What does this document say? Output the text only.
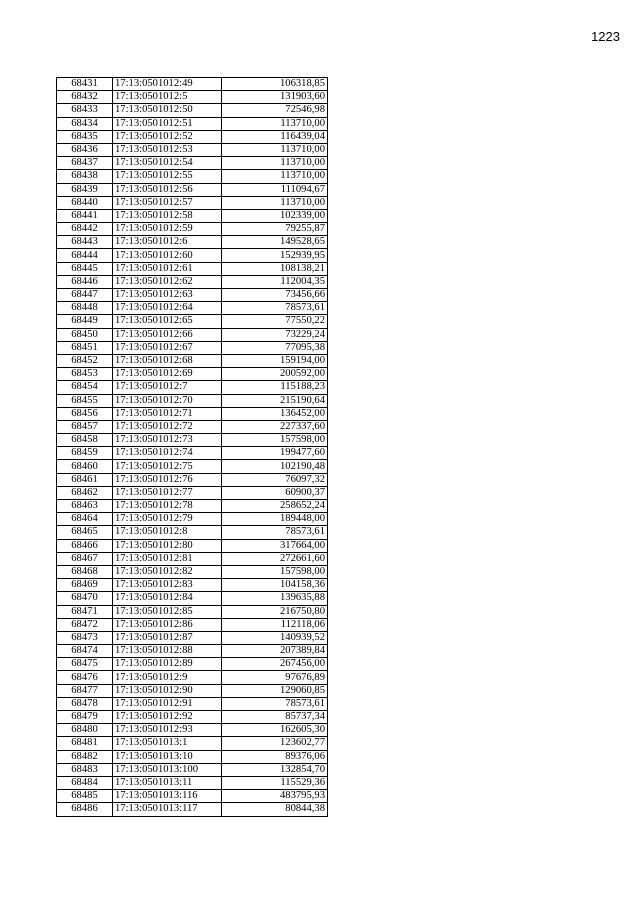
1223
68431	17:13:0501012:49	106318,85
68432	17:13:0501012:5	131903,60
68433	17:13:0501012:50	72546,98
68434	17:13:0501012:51	113710,00
68435	17:13:0501012:52	116439,04
68436	17:13:0501012:53	113710,00
68437	17:13:0501012:54	113710,00
68438	17:13:0501012:55	113710,00
68439	17:13:0501012:56	111094,67
68440	17:13:0501012:57	113710,00
68441	17:13:0501012:58	102339,00
68442	17:13:0501012:59	79255,87
68443	17:13:0501012:6	149528,65
68444	17:13:0501012:60	152939,95
68445	17:13:0501012:61	108138,21
68446	17:13:0501012:62	112004,35
68447	17:13:0501012:63	73456,66
68448	17:13:0501012:64	78573,61
68449	17:13:0501012:65	77550,22
68450	17:13:0501012:66	73229,24
68451	17:13:0501012:67	77095,38
68452	17:13:0501012:68	159194,00
68453	17:13:0501012:69	200592,00
68454	17:13:0501012:7	115188,23
68455	17:13:0501012:70	215190,64
68456	17:13:0501012:71	136452,00
68457	17:13:0501012:72	227337,60
68458	17:13:0501012:73	157598,00
68459	17:13:0501012:74	199477,60
68460	17:13:0501012:75	102190,48
68461	17:13:0501012:76	76097,32
68462	17:13:0501012:77	60900,37
68463	17:13:0501012:78	258652,24
68464	17:13:0501012:79	189448,00
68465	17:13:0501012:8	78573,61
68466	17:13:0501012:80	317664,00
68467	17:13:0501012:81	272661,60
68468	17:13:0501012:82	157598,00
68469	17:13:0501012:83	104158,36
68470	17:13:0501012:84	139635,88
68471	17:13:0501012:85	216750,80
68472	17:13:0501012:86	112118,06
68473	17:13:0501012:87	140939,52
68474	17:13:0501012:88	207389,84
68475	17:13:0501012:89	267456,00
68476	17:13:0501012:9	97676,89
68477	17:13:0501012:90	129060,85
68478	17:13:0501012:91	78573,61
68479	17:13:0501012:92	85737,34
68480	17:13:0501012:93	162605,30
68481	17:13:0501013:1	123602,77
68482	17:13:0501013:10	89376,06
68483	17:13:0501013:100	132854,70
68484	17:13:0501013:11	115529,36
68485	17:13:0501013:116	483795,93
68486	17:13:0501013:117	80844,38
